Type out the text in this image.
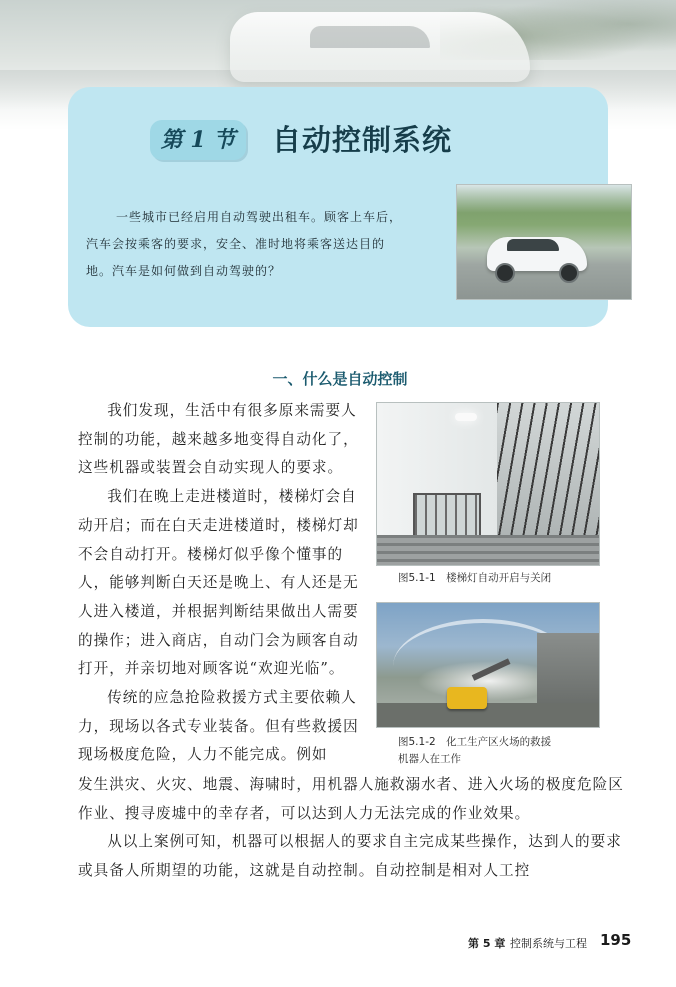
第 1 节	自动控制系统
一些城市已经启用自动驾驶出租车。顾客上车后，
汽车会按乘客的要求，安全、准时地将乘客送达目的
地。汽车是如何做到自动驾驶的？
一、什么是自动控制

我们发现，生活中有很多原来需要人控制的功能，越来越多地变得自动化了，这些机器或装置会自动实现人的要求。

我们在晚上走进楼道时，楼梯灯会自动开启；而在白天走进楼道时，楼梯灯却不会自动打开。楼梯灯似乎像个懂事的人，能够判断白天还是晚上、有人还是无人进入楼道，并根据判断结果做出人需要的操作；进入商店，自动门会为顾客自动打开，并亲切地对顾客说“欢迎光临”。

传统的应急抢险救援方式主要依赖人力，现场以各式专业装备。但有些救援因现场极度危险，人力不能完成。例如

图5.1-1　楼梯灯自动开启与关闭
图5.1-2　化工生产区火场的救援
机器人在工作

发生洪灾、火灾、地震、海啸时，用机器人施救溺水者、进入火场的极度危险区作业、搜寻废墟中的幸存者，可以达到人力无法完成的作业效果。

从以上案例可知，机器可以根据人的要求自主完成某些操作，达到人的要求或具备人所期望的功能，这就是自动控制。自动控制是相对人工控

第 5 章 控制系统与工程 195
